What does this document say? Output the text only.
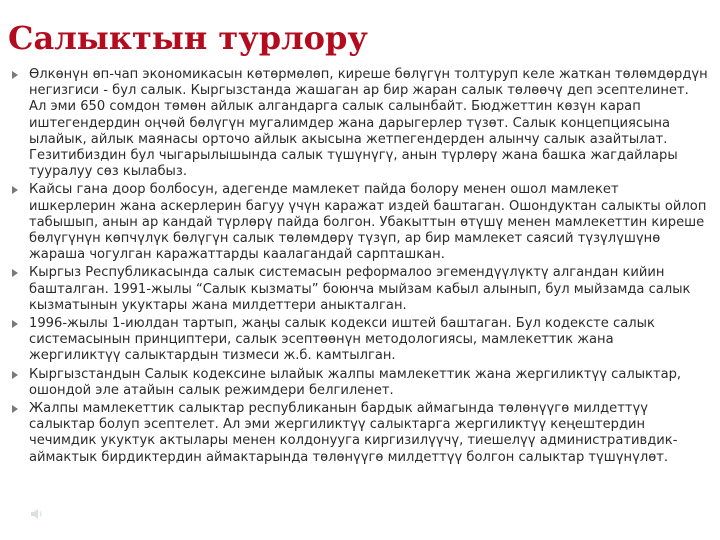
Салыктын турлору
Өлкөнүн өп-чап экономикасын көтөрмөлөп, киреше бөлүгүн толтуруп келе жаткан төлөмдөрдүн негизгиси - бул салык. Кыргызстанда жашаган ар бир жаран салык төлөөчү деп эсептелинет. Ал эми 650 сомдон төмөн айлык алгандарга салык салынбайт. Бюджеттин көзүн карап иштегендердин оңчөй бөлүгүн мугалимдер жана дарыгерлер түзөт. Салык концепциясына ылайык, айлык маянасы орточо айлык акысына жетпегендерден алынчу салык азайтылат. Гезитибиздин бул чыгарылышында салык түшүнүгү, анын түрлөрү жана башка жагдайлары тууралуу сөз кылабыз.
Кайсы гана доор болбосун, адегенде мамлекет пайда болору менен ошол мамлекет ишкерлерин жана аскерлерин багуу үчүн каражат издей баштаган. Ошондуктан салыкты ойлоп табышып, анын ар кандай түрлөрү пайда болгон. Убакыттын өтүшү менен мамлекеттин киреше бөлүгүнүн көпчүлүк бөлүгүн салык төлөмдөрү түзүп, ар бир мамлекет саясий түзүлүшүнө жараша чогулган каражаттарды каалагандай сарпташкан.
Кыргыз Республикасында салык системасын реформалоо эгемендүүлүктү алгандан кийин башталган. 1991-жылы “Салык кызматы” боюнча мыйзам кабыл алынып, бул мыйзамда салык кызматынын укуктары жана милдеттери аныкталган.
1996-жылы 1-июлдан тартып, жаңы салык кодекси иштей баштаган. Бул кодексте салык системасынын принциптери, салык эсептөөнүн методологиясы, мамлекеттик жана жергиликтүү салыктардын тизмеси ж.б. камтылган.
Кыргызстандын Салык кодексине ылайык жалпы мамлекеттик жана жергиликтүү салыктар, ошондой эле атайын салык режимдери белгиленет.
Жалпы мамлекеттик салыктар республиканын бардык аймагында төлөнүүгө милдеттүү салыктар болуп эсептелет. Ал эми жергиликтүү салыктарга жергиликтүү кеңештердин чечимдик укуктук актылары менен колдонууга киргизилүүчү, тиешелүү административдик-аймактык бирдиктердин аймактарында төлөнүүгө милдеттүү болгон салыктар түшүнүлөт.
